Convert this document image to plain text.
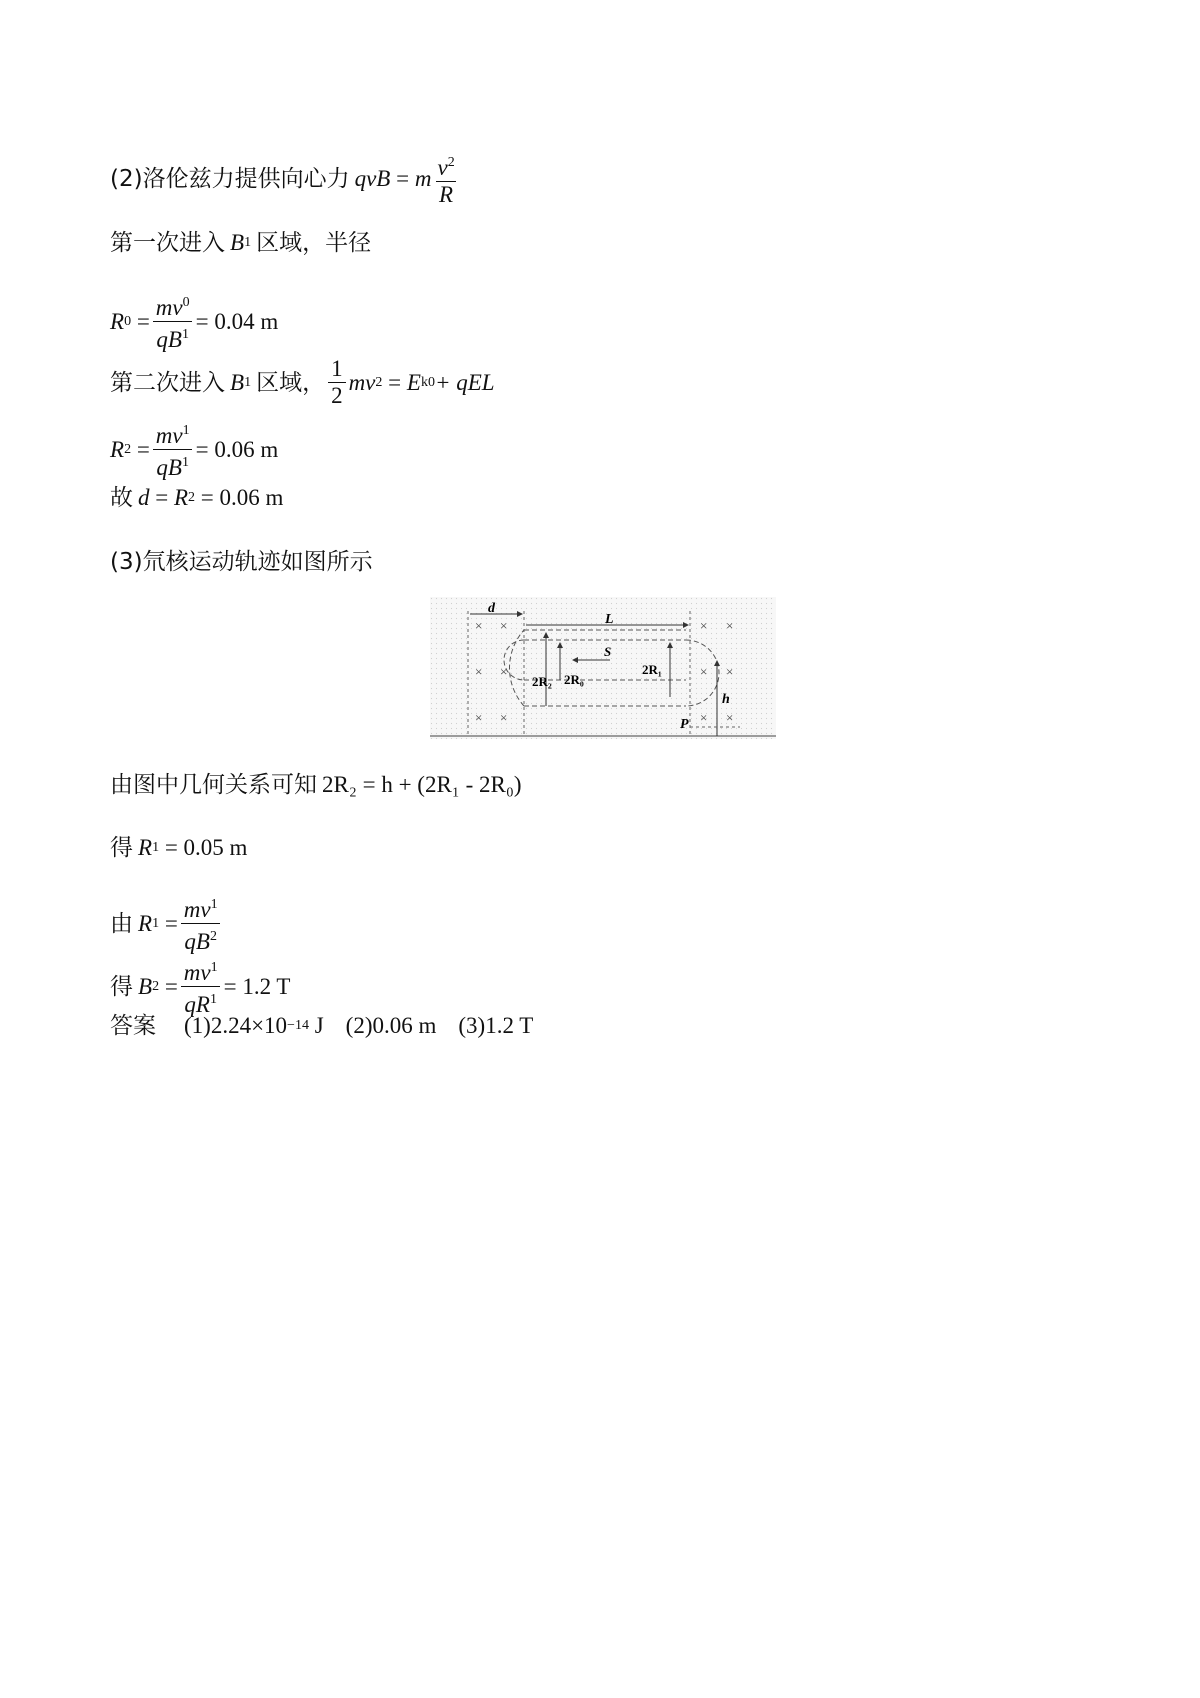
(2)洛伦兹力提供向心力 qvB = m $\frac{v^2}{R}$
第一次进入 B 1 区域，半径
R $0 = \frac{mv^0}{qB^1} = 0.04$ m
第二次进入 B 1 区域， $\frac{1}{2}$ mv 2 = E k0 + qEL
R $2 = \frac{mv^1}{qB^1} = 0.06$ m
故 d = R 2
= 0.06 m
(3)氘核运动轨迹如图所示
d
L
S
2R₂ 2R₀
2R₁
h
P
× ×
× ×
× ×
× ×
× ×
× ×
由图中几何关系可知 2R₂ = h + (2R₁ - 2R₀)
得 R 1
= 0.05 m
由 R $1 = \frac{mv^1}{qB^2}$
得 B $2 = \frac{mv^1}{qR^1} = 1.2$ T
答案 (1)2.24×10 −14
J (2)0.06 m (3)1.2 T
